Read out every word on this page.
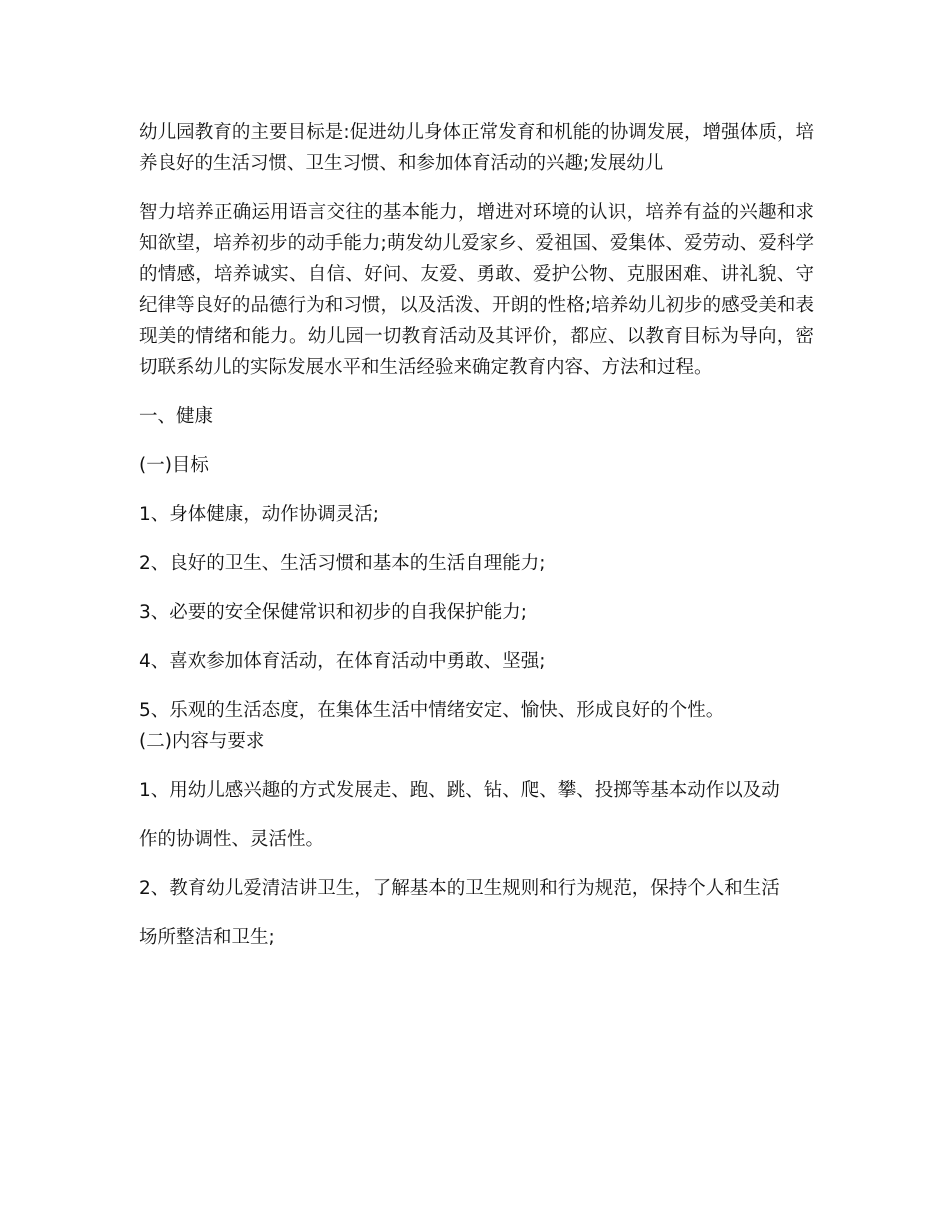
幼儿园教育的主要目标是:促进幼儿身体正常发育和机能的协调发展，增强体质，培养良好的生活习惯、卫生习惯、和参加体育活动的兴趣;发展幼儿

智力培养正确运用语言交往的基本能力，增进对环境的认识，培养有益的兴趣和求知欲望，培养初步的动手能力;萌发幼儿爱家乡、爱祖国、爱集体、爱劳动、爱科学的情感，培养诚实、自信、好问、友爱、勇敢、爱护公物、克服困难、讲礼貌、守纪律等良好的品德行为和习惯，以及活泼、开朗的性格;培养幼儿初步的感受美和表现美的情绪和能力。幼儿园一切教育活动及其评价，都应、以教育目标为导向，密切联系幼儿的实际发展水平和生活经验来确定教育内容、方法和过程。

一、健康

(一)目标

1、身体健康，动作协调灵活;

2、良好的卫生、生活习惯和基本的生活自理能力;

3、必要的安全保健常识和初步的自我保护能力;

4、喜欢参加体育活动，在体育活动中勇敢、坚强;

5、乐观的生活态度，在集体生活中情绪安定、愉快、形成良好的个性。

(二)内容与要求

1、用幼儿感兴趣的方式发展走、跑、跳、钻、爬、攀、投掷等基本动作以及动

作的协调性、灵活性。

2、教育幼儿爱清洁讲卫生，了解基本的卫生规则和行为规范，保持个人和生活

场所整洁和卫生;
